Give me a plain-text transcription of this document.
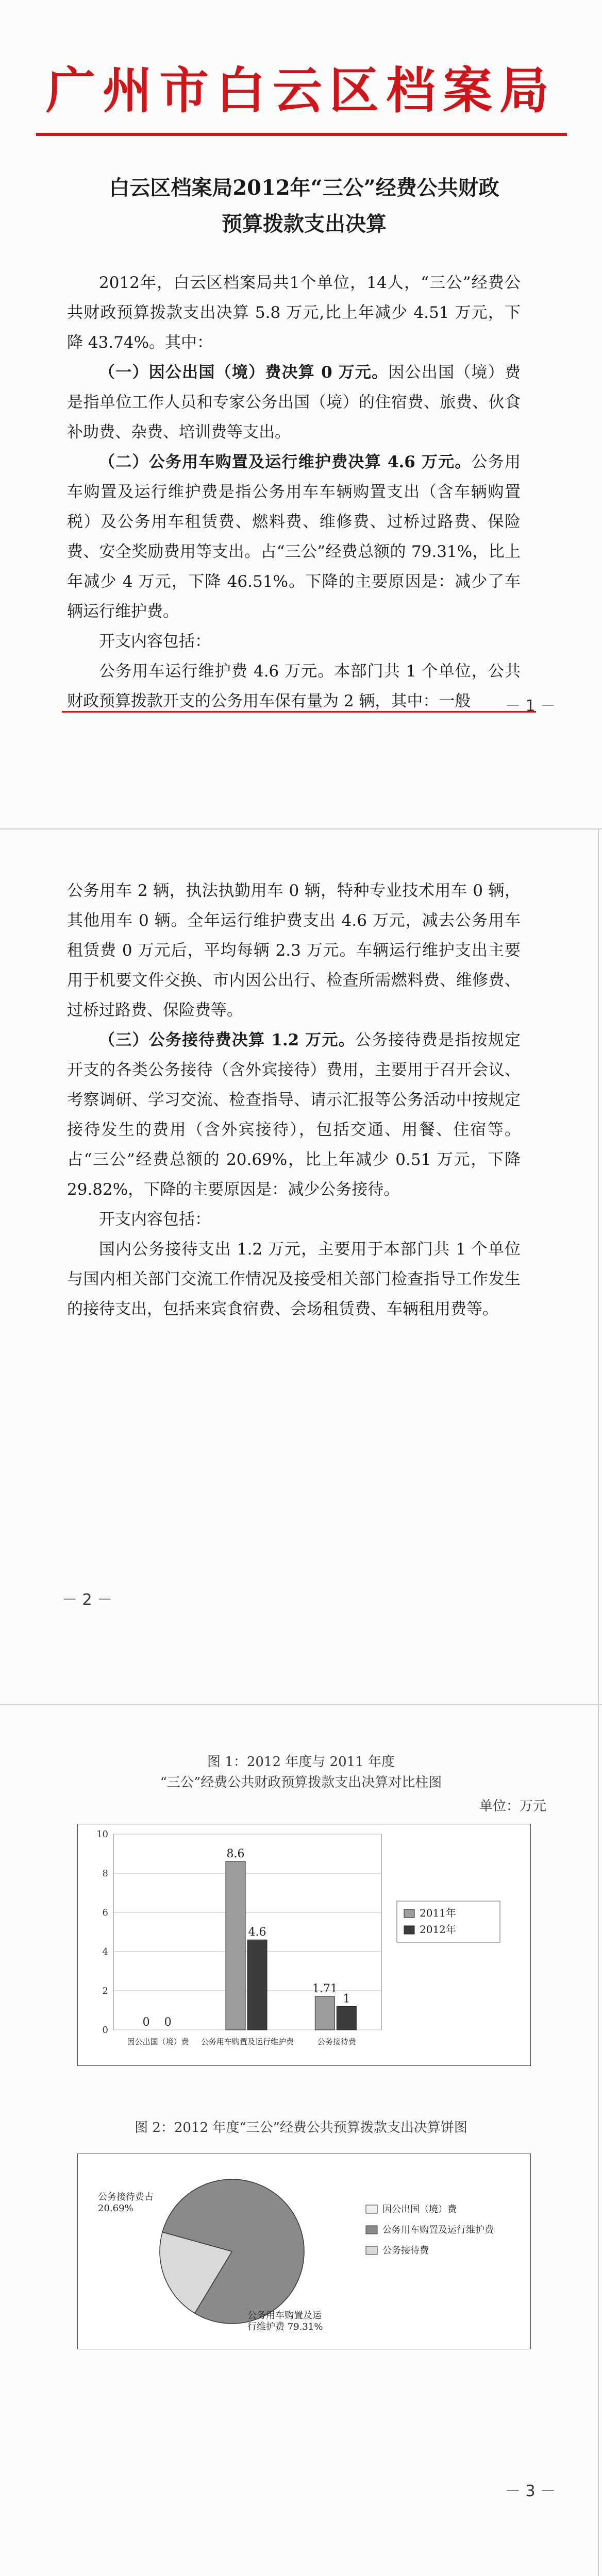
广州市白云区档案局
白云区档案局2012年“三公”经费公共财政
预算拨款支出决算

2012年，白云区档案局共1个单位，14人，“三公”经费公共财政预算拨款支出决算 5.8 万元,比上年减少 4.51 万元，下降 43.74%。其中：

（一）因公出国（境）费决算 0 万元。因公出国（境）费是指单位工作人员和专家公务出国（境）的住宿费、旅费、伙食补助费、杂费、培训费等支出。

（二）公务用车购置及运行维护费决算 4.6 万元。公务用车购置及运行维护费是指公务用车车辆购置支出（含车辆购置税）及公务用车租赁费、燃料费、维修费、过桥过路费、保险费、安全奖励费用等支出。占“三公”经费总额的 79.31%，比上年减少 4 万元，下降 46.51%。下降的主要原因是：减少了车辆运行维护费。

开支内容包括：

公务用车运行维护费 4.6 万元。本部门共 1 个单位，公共财政预算拨款开支的公务用车保有量为 2 辆，其中：一般	－ 1 －

公务用车 2 辆，执法执勤用车 0 辆，特种专业技术用车 0 辆，其他用车 0 辆。全年运行维护费支出 4.6 万元，减去公务用车租赁费 0 万元后，平均每辆 2.3 万元。车辆运行维护支出主要用于机要文件交换、市内因公出行、检查所需燃料费、维修费、过桥过路费、保险费等。

（三）公务接待费决算 1.2 万元。公务接待费是指按规定开支的各类公务接待（含外宾接待）费用，主要用于召开会议、考察调研、学习交流、检查指导、请示汇报等公务活动中按规定接待发生的费用（含外宾接待），包括交通、用餐、住宿等。占“三公”经费总额的 20.69%，比上年减少 0.51 万元，下降 29.82%，下降的主要原因是：减少公务接待。

开支内容包括：

国内公务接待支出 1.2 万元，主要用于本部门共 1 个单位与国内相关部门交流工作情况及接受相关部门检查指导工作发生的接待支出，包括来宾食宿费、会场租赁费、车辆租用费等。

－ 2 －
图 1：2012 年度与 2011 年度
“三公”经费公共财政预算拨款支出决算对比柱图
单位：万元
0
2
4
6
8
10
0 0
因公出国（境）费
8.6
4.6
公务用车购置及运行维护费
1.71
1
公务接待费
2011年
2012年
图 2：2012 年度“三公”经费公共预算拨款支出决算饼图
公务接待费占
20.69%
公务用车购置及运
行维护费 79.31%
因公出国（境）费
公务用车购置及运行维护费
公务接待费
－ 3 －
